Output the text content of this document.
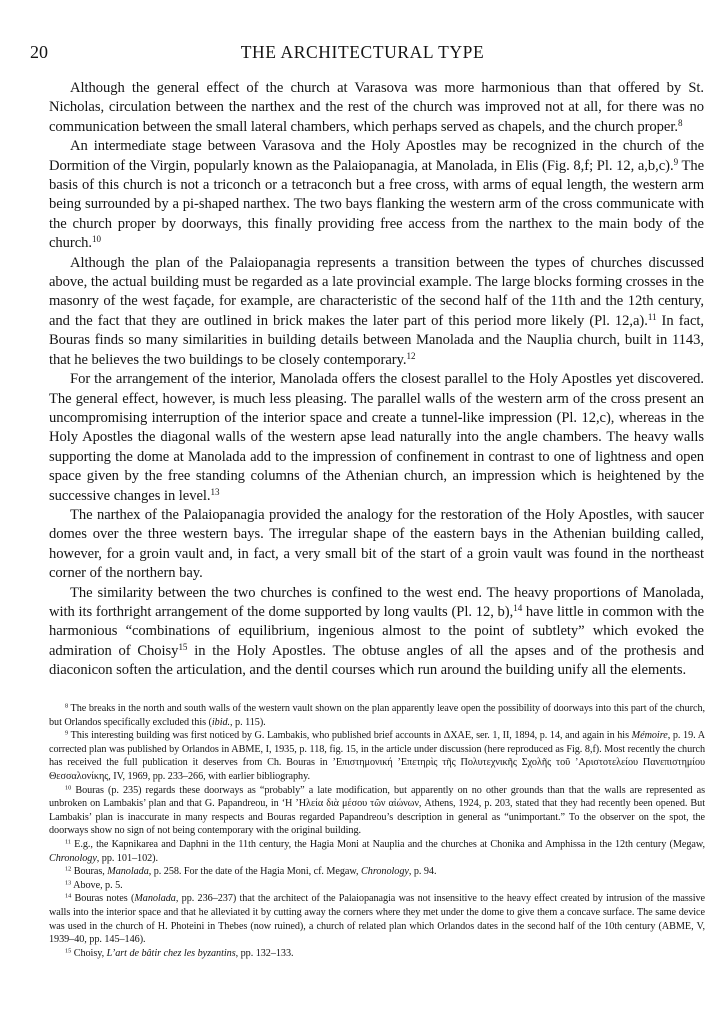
20	THE ARCHITECTURAL TYPE

Although the general effect of the church at Varasova was more harmonious than that offered by St. Nicholas, circulation between the narthex and the rest of the church was improved not at all, for there was no communication between the small lateral chambers, which perhaps served as chapels, and the church proper.$^8$

An intermediate stage between Varasova and the Holy Apostles may be recognized in the church of the Dormition of the Virgin, popularly known as the Palaiopanagia, at Manolada, in Elis (Fig. 8,f; Pl. 12, a,b,c).$^9$ The basis of this church is not a triconch or a tetraconch but a free cross, with arms of equal length, the western arm being surrounded by a pi-shaped narthex. The two bays flanking the western arm of the cross communicate with the church proper by doorways, this finally providing free access from the narthex to the main body of the church.$^{10}$

Although the plan of the Palaiopanagia represents a transition between the types of churches discussed above, the actual building must be regarded as a late provincial example. The large blocks forming crosses in the masonry of the west façade, for example, are characteristic of the second half of the 11th and the 12th century, and the fact that they are outlined in brick makes the later part of this period more likely (Pl. 12,a).$^{11}$ In fact, Bouras finds so many similarities in building details between Manolada and the Nauplia church, built in 1143, that he believes the two buildings to be closely contemporary.$^{12}$

For the arrangement of the interior, Manolada offers the closest parallel to the Holy Apostles yet discovered. The general effect, however, is much less pleasing. The parallel walls of the western arm of the cross present an uncompromising interruption of the interior space and create a tunnel-like impression (Pl. 12,c), whereas in the Holy Apostles the diagonal walls of the western apse lead naturally into the angle chambers. The heavy walls supporting the dome at Manolada add to the impression of confinement in contrast to one of lightness and open space given by the free standing columns of the Athenian church, an impression which is heightened by the successive changes in level.$^{13}$

The narthex of the Palaiopanagia provided the analogy for the restoration of the Holy Apostles, with saucer domes over the three western bays. The irregular shape of the eastern bays in the Athenian building called, however, for a groin vault and, in fact, a very small bit of the start of a groin vault was found in the northeast corner of the northern bay.

The similarity between the two churches is confined to the west end. The heavy proportions of Manolada, with its forthright arrangement of the dome supported by long vaults (Pl. 12, b),$^{14}$ have little in common with the harmonious “combinations of equilibrium, ingenious almost to the point of subtlety” which evoked the admiration of Choisy$^{15}$ in the Holy Apostles. The obtuse angles of all the apses and of the prothesis and diaconicon soften the articulation, and the dentil courses which run around the building unify all the elements.

$^8$ The breaks in the north and south walls of the western vault shown on the plan apparently leave open the possibility of doorways into this part of the church, but Orlandos specifically excluded this (ibid., p. 115).

$^9$ This interesting building was first noticed by G. Lambakis, who published brief accounts in ΔΧΑΕ, ser. 1, II, 1894, p. 14, and again in his Mémoire, p. 19. A corrected plan was published by Orlandos in ABME, I, 1935, p. 118, fig. 15, in the article under discussion (here reproduced as Fig. 8,f). Most recently the church has received the full publication it deserves from Ch. Bouras in ’Επιστημονική ’Επετηρὶς τῆς Πολυτεχνικῆς Σχολῆς τοῦ ’Αριστοτελείου Πανεπιστημίου Θεσσαλονίκης, IV, 1969, pp. 233–266, with earlier bibliography.

$^{10}$ Bouras (p. 235) regards these doorways as “probably” a late modification, but apparently on no other grounds than that the walls are represented as unbroken on Lambakis’ plan and that G. Papandreou, in ‘Η ’Ηλεία διὰ μέσου τῶν αἰώνων, Athens, 1924, p. 203, stated that they had recently been opened. But Lambakis’ plan is inaccurate in many respects and Bouras regarded Papandreou’s description in general as “unimportant.” To the observer on the spot, the doorways show no sign of not being contemporary with the original building.

$^{11}$ E.g., the Kapnikarea and Daphni in the 11th century, the Hagia Moni at Nauplia and the churches at Chonika and Amphissa in the 12th century (Megaw, Chronology, pp. 101–102).

$^{12}$ Bouras, Manolada, p. 258. For the date of the Hagia Moni, cf. Megaw, Chronology, p. 94.

$^{13}$ Above, p. 5.

$^{14}$ Bouras notes (Manolada, pp. 236–237) that the architect of the Palaiopanagia was not insensitive to the heavy effect created by intrusion of the massive walls into the interior space and that he alleviated it by cutting away the corners where they met under the dome to give them a concave surface. The same device was used in the church of H. Photeini in Thebes (now ruined), a church of related plan which Orlandos dates in the second half of the 10th century (ABME, V, 1939–40, pp. 145–146).

$^{15}$ Choisy, L’art de bâtir chez les byzantins, pp. 132–133.
